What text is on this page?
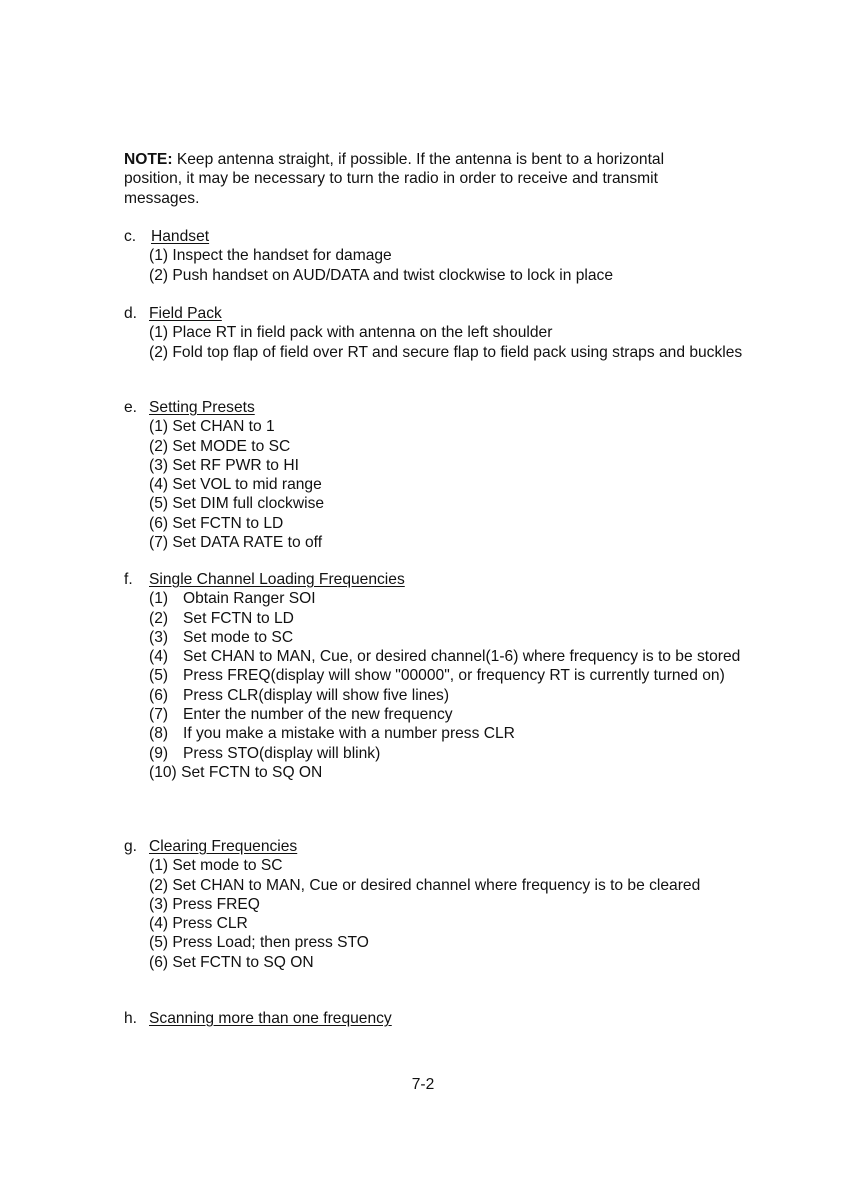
NOTE: Keep antenna straight, if possible. If the antenna is bent to a horizontal position, it may be necessary to turn the radio in order to receive and transmit messages.

c. Handset
(1)
Inspect the handset for damage
(2)
Push handset on AUD/DATA and twist clockwise to lock in place
d. Field Pack
(1)
Place RT in field pack with antenna on the left shoulder
(2)
Fold top flap of field over RT and secure flap to field pack using straps and buckles
e. Setting Presets
(1)
Set CHAN to 1
(2)
Set MODE to SC
(3)
Set RF PWR to HI
(4)
Set VOL to mid range
(5)
Set DIM full clockwise
(6)
Set FCTN to LD
(7)
Set DATA RATE to off
f.	Single Channel Loading Frequencies
(1) Obtain Ranger SOI
(2) Set FCTN to LD
(3) Set mode to SC
(4) Set CHAN to MAN, Cue, or desired channel(1-6) where frequency is to be stored
(5) Press FREQ(display will show "00000", or frequency RT is currently turned on)
(6) Press CLR(display will show five lines)
(7) Enter the number of the new frequency
(8) If you make a mistake with a number press CLR
(9) Press STO(display will blink)
(10)
Set FCTN to SQ ON
g. Clearing Frequencies
(1)
Set mode to SC
(2)
Set CHAN to MAN, Cue or desired channel where frequency is to be cleared
(3)
Press FREQ
(4)
Press CLR
(5)
Press Load; then press STO
(6)
Set FCTN to SQ ON
h. Scanning more than one frequency
7-2
